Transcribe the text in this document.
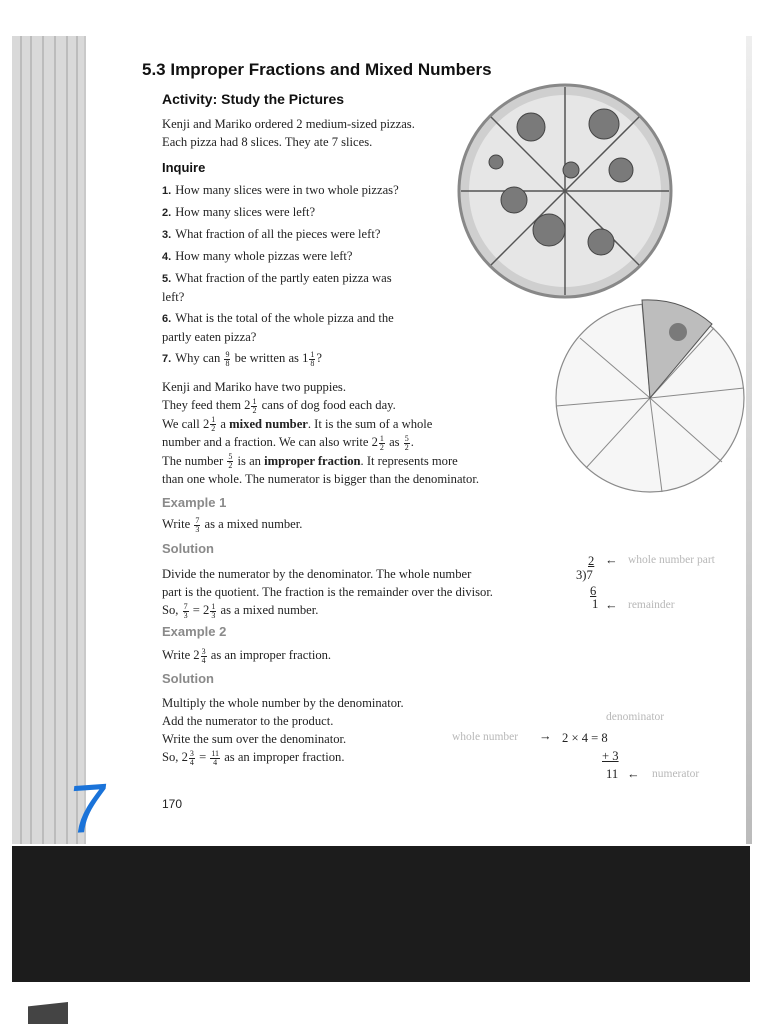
5.3 Improper Fractions and Mixed Numbers
Activity: Study the Pictures
Kenji and Mariko ordered 2 medium-sized pizzas.
Each pizza had 8 slices. They ate 7 slices.
Inquire
1. How many slices were in two whole pizzas?
2. How many slices were left?
3. What fraction of all the pieces were left?
4. How many whole pizzas were left?
5. What fraction of the partly eaten pizza was left?
6. What is the total of the whole pizza and the partly eaten pizza?
7. Why can $\frac{9}{8}$ be written as $1 \frac{1}{8}$ ?
Kenji and Mariko have two puppies.
They feed them $2 \frac{1}{2}$ cans of dog food each day.
We call $2 \frac{1}{2}$ a mixed number. It is the sum of a whole
number and a fraction. We can also write $2 \frac{1}{2}$ as $\frac{5}{2}$ .
The number $\frac{5}{2}$ is an improper fraction. It represents more
than one whole. The numerator is bigger than the denominator.
Example 1
Write $\frac{7}{3}$ as a mixed number.
Solution
Divide the numerator by the denominator. The whole number
part is the quotient. The fraction is the remainder over the divisor.
So, $\frac{7}{3} = 2 \frac{1}{3}$ as a mixed number.
2
3)7
6
1
← whole number part
← remainder
Example 2
Write $2 \frac{3}{4}$ as an improper fraction.
Solution
Multiply the whole number by the denominator.
Add the numerator to the product.
Write the sum over the denominator.
So, $2 \frac{3}{4} = \frac{11}{4}$ as an improper fraction.
whole number → 2 × 4 = 8
denominator
+ 3
11 ← numerator
170
7
